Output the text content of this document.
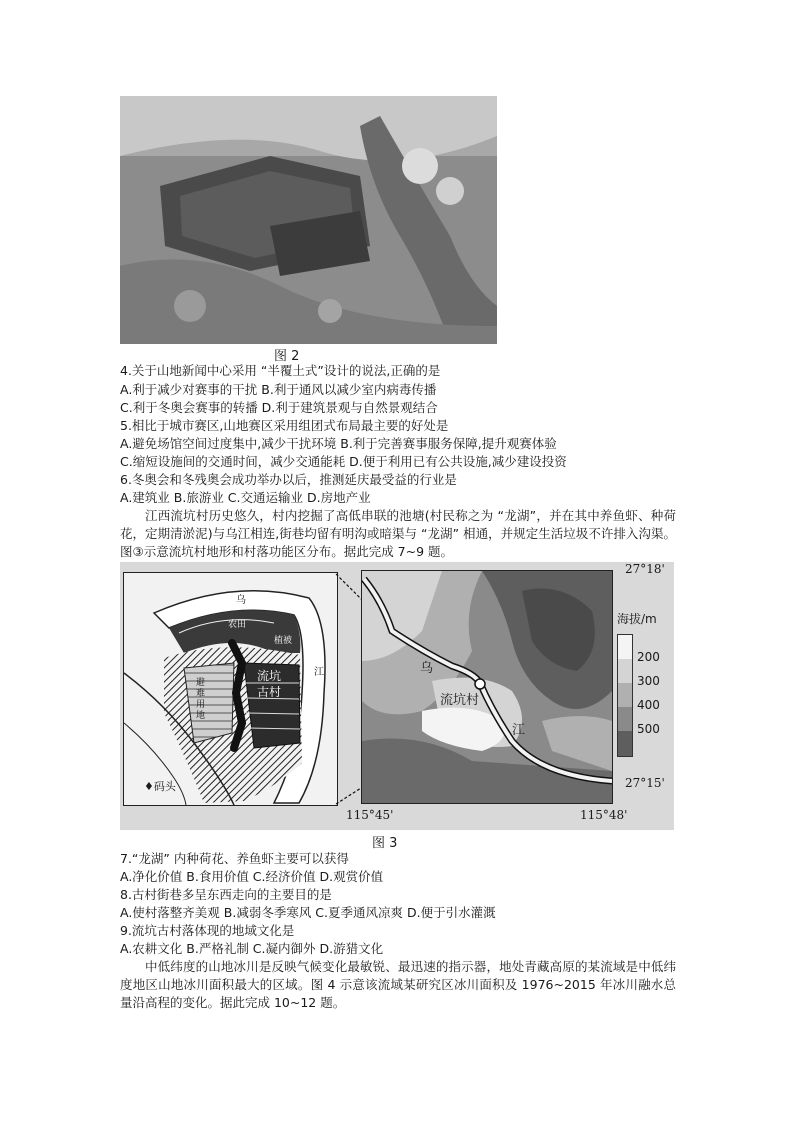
图 2
4.关于山地新闻中心采用 “半覆土式”设计的说法,正确的是
A.利于减少对赛事的干扰 B.利于通风以减少室内病毒传播
C.利于冬奥会赛事的转播 D.利于建筑景观与自然景观结合
5.相比于城市赛区,山地赛区采用组团式布局最主要的好处是
A.避免场馆空间过度集中,减少干扰环境 B.利于完善赛事服务保障,提升观赛体验
C.缩短设施间的交通时间，减少交通能耗 D.便于利用已有公共设施,减少建设投资
6.冬奥会和冬残奥会成功举办以后，推测延庆最受益的行业是
A.建筑业 B.旅游业 C.交通运输业 D.房地产业
江西流坑村历史悠久，村内挖掘了高低串联的池塘(村民称之为 “龙湖”，并在其中养鱼虾、种荷花，定期清淤泥)与乌江相连,街巷均留有明沟或暗渠与 “龙湖” 相通，并规定生活垃圾不许排入沟渠。图③示意流坑村地形和村落功能区分布。据此完成 7~9 题。
流坑古村
避难用地
乌
江
农田
植被
♦码头
乌
江
流坑村
27°18'
27°15'
115°45'	115°48'
海拔/m
200
300
400
500
图 3
7.“龙湖” 内种荷花、养鱼虾主要可以获得
A.净化价值 B.食用价值 C.经济价值 D.观赏价值
8.古村街巷多呈东西走向的主要目的是
A.使村落整齐美观 B.减弱冬季寒风 C.夏季通风凉爽 D.便于引水灌溉
9.流坑古村落体现的地域文化是
A.农耕文化 B.严格礼制 C.凝内御外 D.游猎文化
中低纬度的山地冰川是反映气候变化最敏锐、最迅速的指示器，地处青藏高原的某流域是中低纬度地区山地冰川面积最大的区域。图 4 示意该流域某研究区冰川面积及 1976~2015 年冰川融水总量沿高程的变化。据此完成 10~12 题。
